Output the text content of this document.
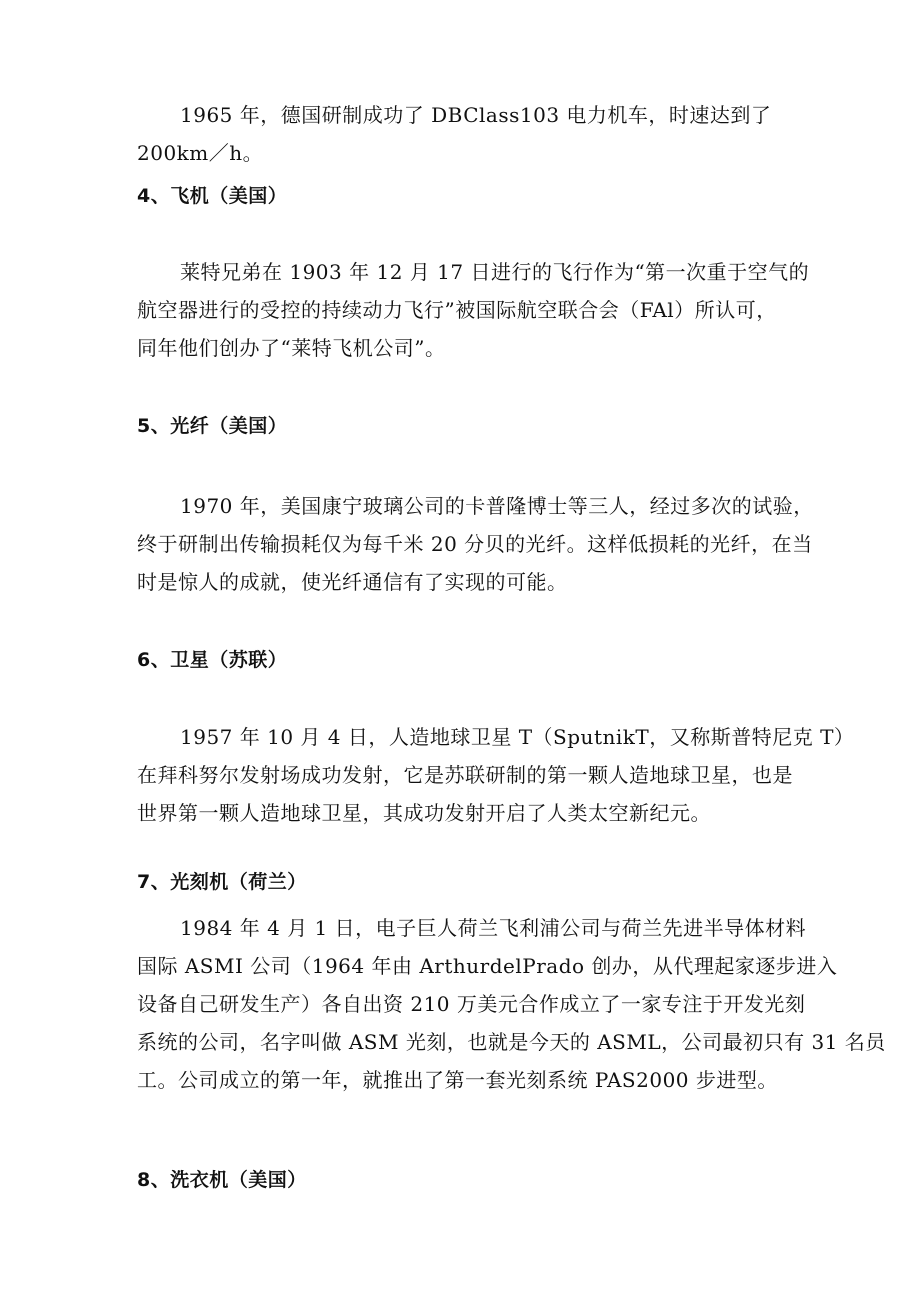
1965 年，德国研制成功了 DBClass103 电力机车，时速达到了
200km／h。

4、飞机（美国）

莱特兄弟在 1903 年 12 月 17 日进行的飞行作为“第一次重于空气的
航空器进行的受控的持续动力飞行”被国际航空联合会（FAl）所认可，
同年他们创办了“莱特飞机公司”。

5、光纤（美国）

1970 年，美国康宁玻璃公司的卡普隆博士等三人，经过多次的试验，
终于研制出传输损耗仅为每千米 20 分贝的光纤。这样低损耗的光纤，在当
时是惊人的成就，使光纤通信有了实现的可能。

6、卫星（苏联）

1957 年 10 月 4 日，人造地球卫星 T（SputnikT，又称斯普特尼克 T）
在拜科努尔发射场成功发射，它是苏联研制的第一颗人造地球卫星，也是
世界第一颗人造地球卫星，其成功发射开启了人类太空新纪元。

7、光刻机（荷兰）

1984 年 4 月 1 日，电子巨人荷兰飞利浦公司与荷兰先进半导体材料
国际 ASMI 公司（1964 年由 ArthurdelPrado 创办，从代理起家逐步进入
设备自己研发生产）各自出资 210 万美元合作成立了一家专注于开发光刻
系统的公司，名字叫做 ASM 光刻，也就是今天的 ASML，公司最初只有 31 名员
工。公司成立的第一年，就推出了第一套光刻系统 PAS2000 步进型。

8、洗衣机（美国）
